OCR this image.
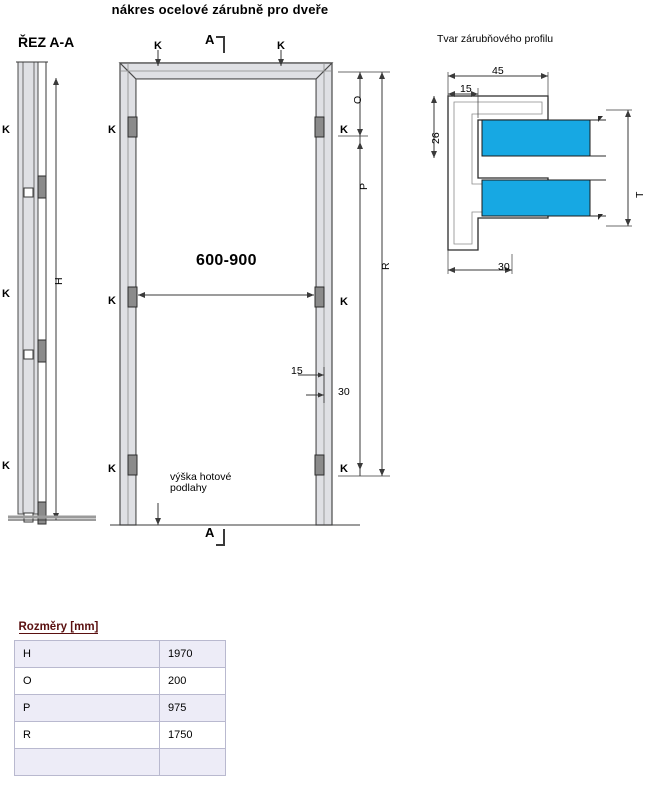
nákres ocelové zárubně pro dveře
ŘEZ A-A	Tvar zárubňového profilu
H
K
K
K
600-900
K
K
K
K
K
K
K	K
15
30
výška hotové
podlahy
O
P
R
A
A
45
15
26
30
T
Rozměry [mm]	
H	1970
O	200
P	975
R	1750
